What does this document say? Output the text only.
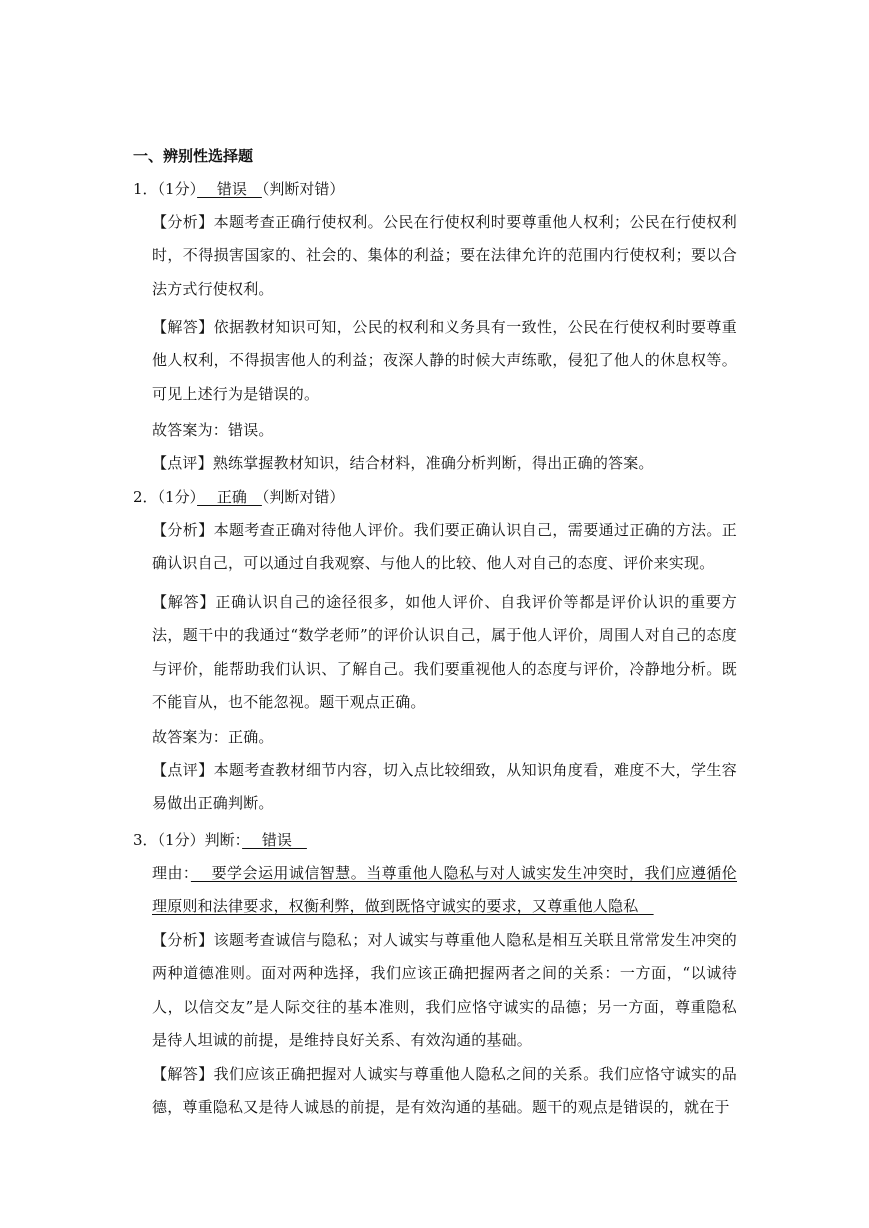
一、辨别性选择题
1．（1分）　 错误　（判断对错）
【分析】本题考查正确行使权利。公民在行使权利时要尊重他人权利；公民在行使权利时，不得损害国家的、社会的、集体的利益；要在法律允许的范围内行使权利；要以合法方式行使权利。
【解答】依据教材知识可知，公民的权利和义务具有一致性，公民在行使权利时要尊重他人权利，不得损害他人的利益；夜深人静的时候大声练歌，侵犯了他人的休息权等。可见上述行为是错误的。
故答案为：错误。
【点评】熟练掌握教材知识，结合材料，准确分析判断，得出正确的答案。
2．（1分）　 正确　（判断对错）
【分析】本题考查正确对待他人评价。我们要正确认识自己，需要通过正确的方法。正确认识自己，可以通过自我观察、与他人的比较、他人对自己的态度、评价来实现。
【解答】正确认识自己的途径很多，如他人评价、自我评价等都是评价认识的重要方法，题干中的我通过“数学老师”的评价认识自己，属于他人评价，周围人对自己的态度与评价，能帮助我们认识、了解自己。我们要重视他人的态度与评价，冷静地分析。既不能盲从，也不能忽视。题干观点正确。
故答案为：正确。
【点评】本题考查教材细节内容，切入点比较细致，从知识角度看，难度不大，学生容易做出正确判断。
3．（1分）判断：　 错误　
理由：　 要学会运用诚信智慧。当尊重他人隐私与对人诚实发生冲突时，我们应遵循伦理原则和法律要求，权衡利弊，做到既恪守诚实的要求，又尊重他人隐私　
【分析】该题考查诚信与隐私；对人诚实与尊重他人隐私是相互关联且常常发生冲突的两种道德准则。面对两种选择，我们应该正确把握两者之间的关系：一方面，“以诚待人，以信交友”是人际交往的基本准则，我们应恪守诚实的品德；另一方面，尊重隐私是待人坦诚的前提，是维持良好关系、有效沟通的基础。
【解答】我们应该正确把握对人诚实与尊重他人隐私之间的关系。我们应恪守诚实的品德，尊重隐私又是待人诚恳的前提，是有效沟通的基础。题干的观点是错误的，就在于
